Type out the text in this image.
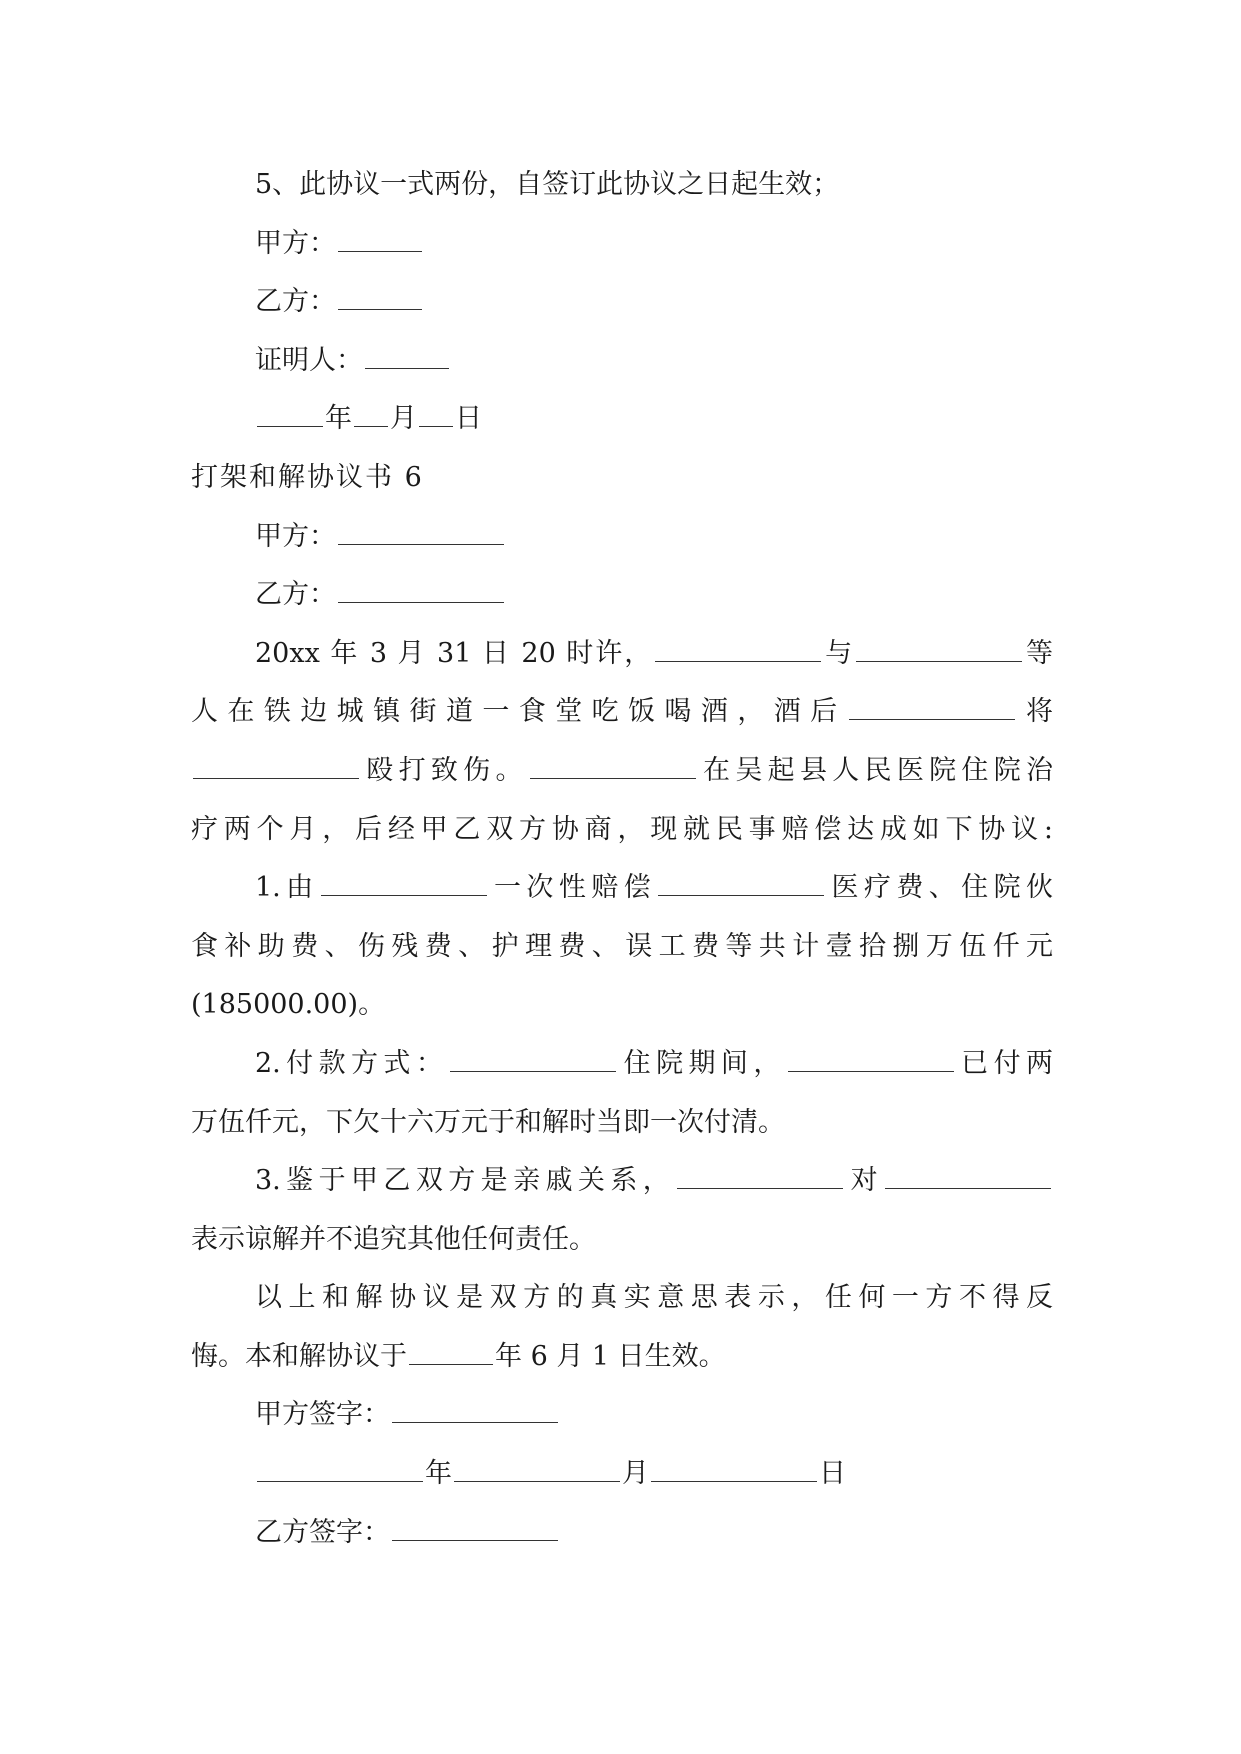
5、此协议一式两份，自签订此协议之日起生效；

甲方：

乙方：

证明人：

年 月 日

打架和解协议书 6

甲方：

乙方：

20xx 年 3 月 31 日 20 时许，	与	等

人在铁边城镇街道一食堂吃饭喝酒，酒后	将

殴打致伤。	在吴起县人民医院住院治

疗两个月，后经甲乙双方协商，现就民事赔偿达成如下协议:

1.由	一次性赔偿	医疗费、住院伙

食补助费、伤残费、护理费、误工费等共计壹拾捌万伍仟元

(185000.00)。

2.付款方式：	住院期间，	已付两

万伍仟元，下欠十六万元于和解时当即一次付清。

3.鉴于甲乙双方是亲戚关系，	对

表示谅解并不追究其他任何责任。

以上和解协议是双方的真实意思表示，任何一方不得反

悔。本和解协议于	年 6 月 1 日生效。

甲方签字：

年	月	日

乙方签字：
